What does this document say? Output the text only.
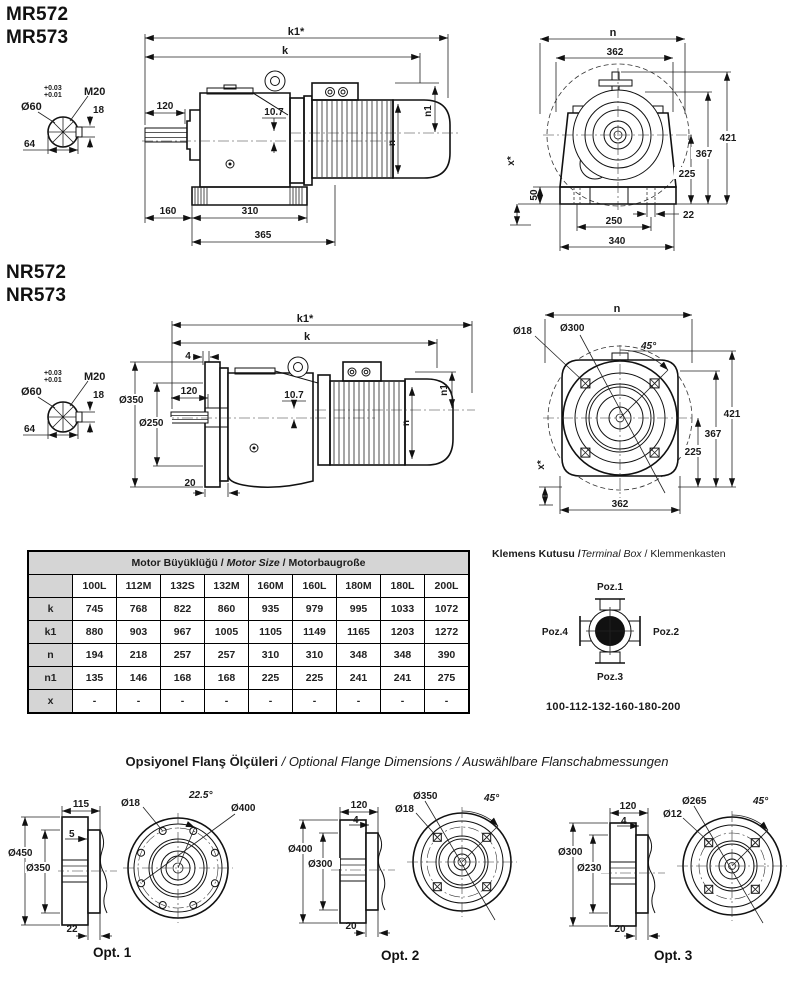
MR572
MR573
+0.03
+0.01
Ø60
M20
18
64
k1*
k
120
10.7
n
n1
160	310
365
n
362
421
367
225
50
x*
22
250
340
NR572
NR573
+0.03
+0.01
Ø60
M20
18
64
k1*
k
4
Ø350
Ø250
120	10.7
n
n1
20
n
Ø18	Ø300
45°
421
367
225
x*
362
Motor Büyüklüğü / Motor Size / Motorbaugroße									
	100L	112M	132S	132M	160M	160L	180M	180L	200L
k	745	768	822	860	935	979	995	1033	1072
k1	880	903	967	1005	1105	1149	1165	1203	1272
n	194	218	257	257	310	310	348	348	390
n1	135	146	168	168	225	225	241	241	275
x	-	-	-	-	-	-	-	-	-
Klemens Kutusu /Terminal Box / Klemmenkasten
Poz.1
Poz.2
Poz.3
Poz.4
100-112-132-160-180-200
Opsiyonel Flanş Ölçüleri / Optional Flange Dimensions / Auswählbare Flanschabmessungen
115
5
Ø450
Ø350
22
Ø18
22.5°
Ø400
Opt. 1
120
4
Ø400
Ø300
20
Ø18
Ø350	45°
Opt. 2
120
4
Ø300
Ø230
20
Ø12
Ø265	45°
Opt. 3
